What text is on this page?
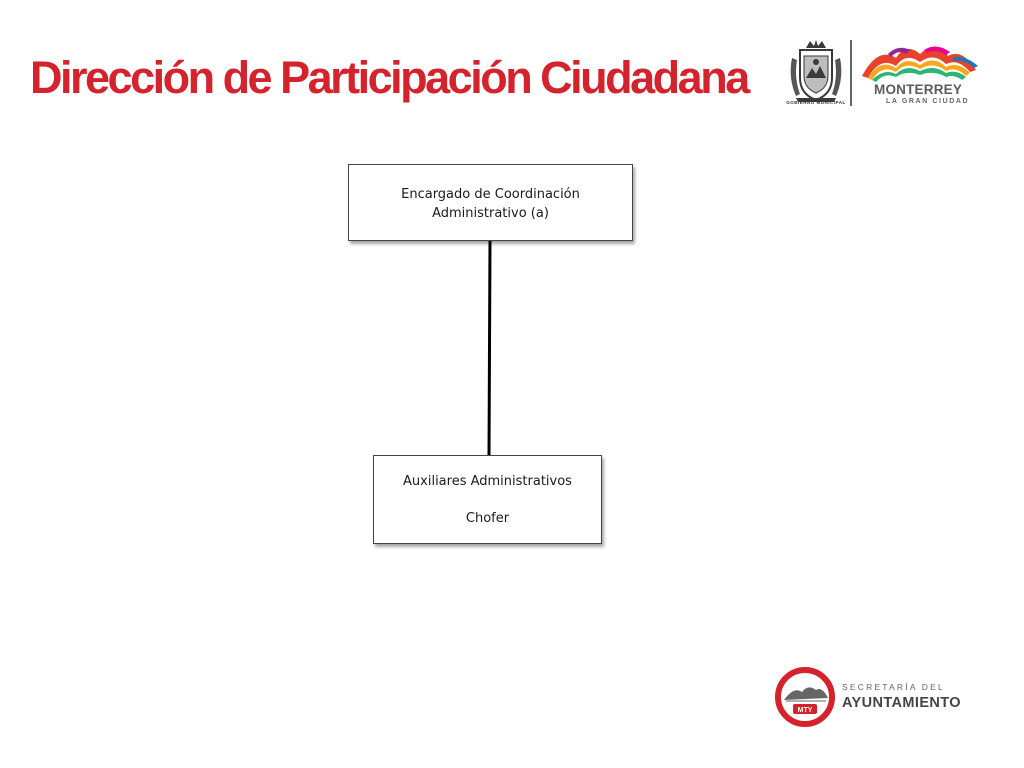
Dirección de Participación Ciudadana	GOBIERNO MUNICIPAL
MONTERREY
LA GRAN CIUDAD
Encargado de Coordinación
Administrativo (a)
Auxiliares Administrativos
Chofer
MTY
SECRETARÍA DEL
AYUNTAMIENTO
